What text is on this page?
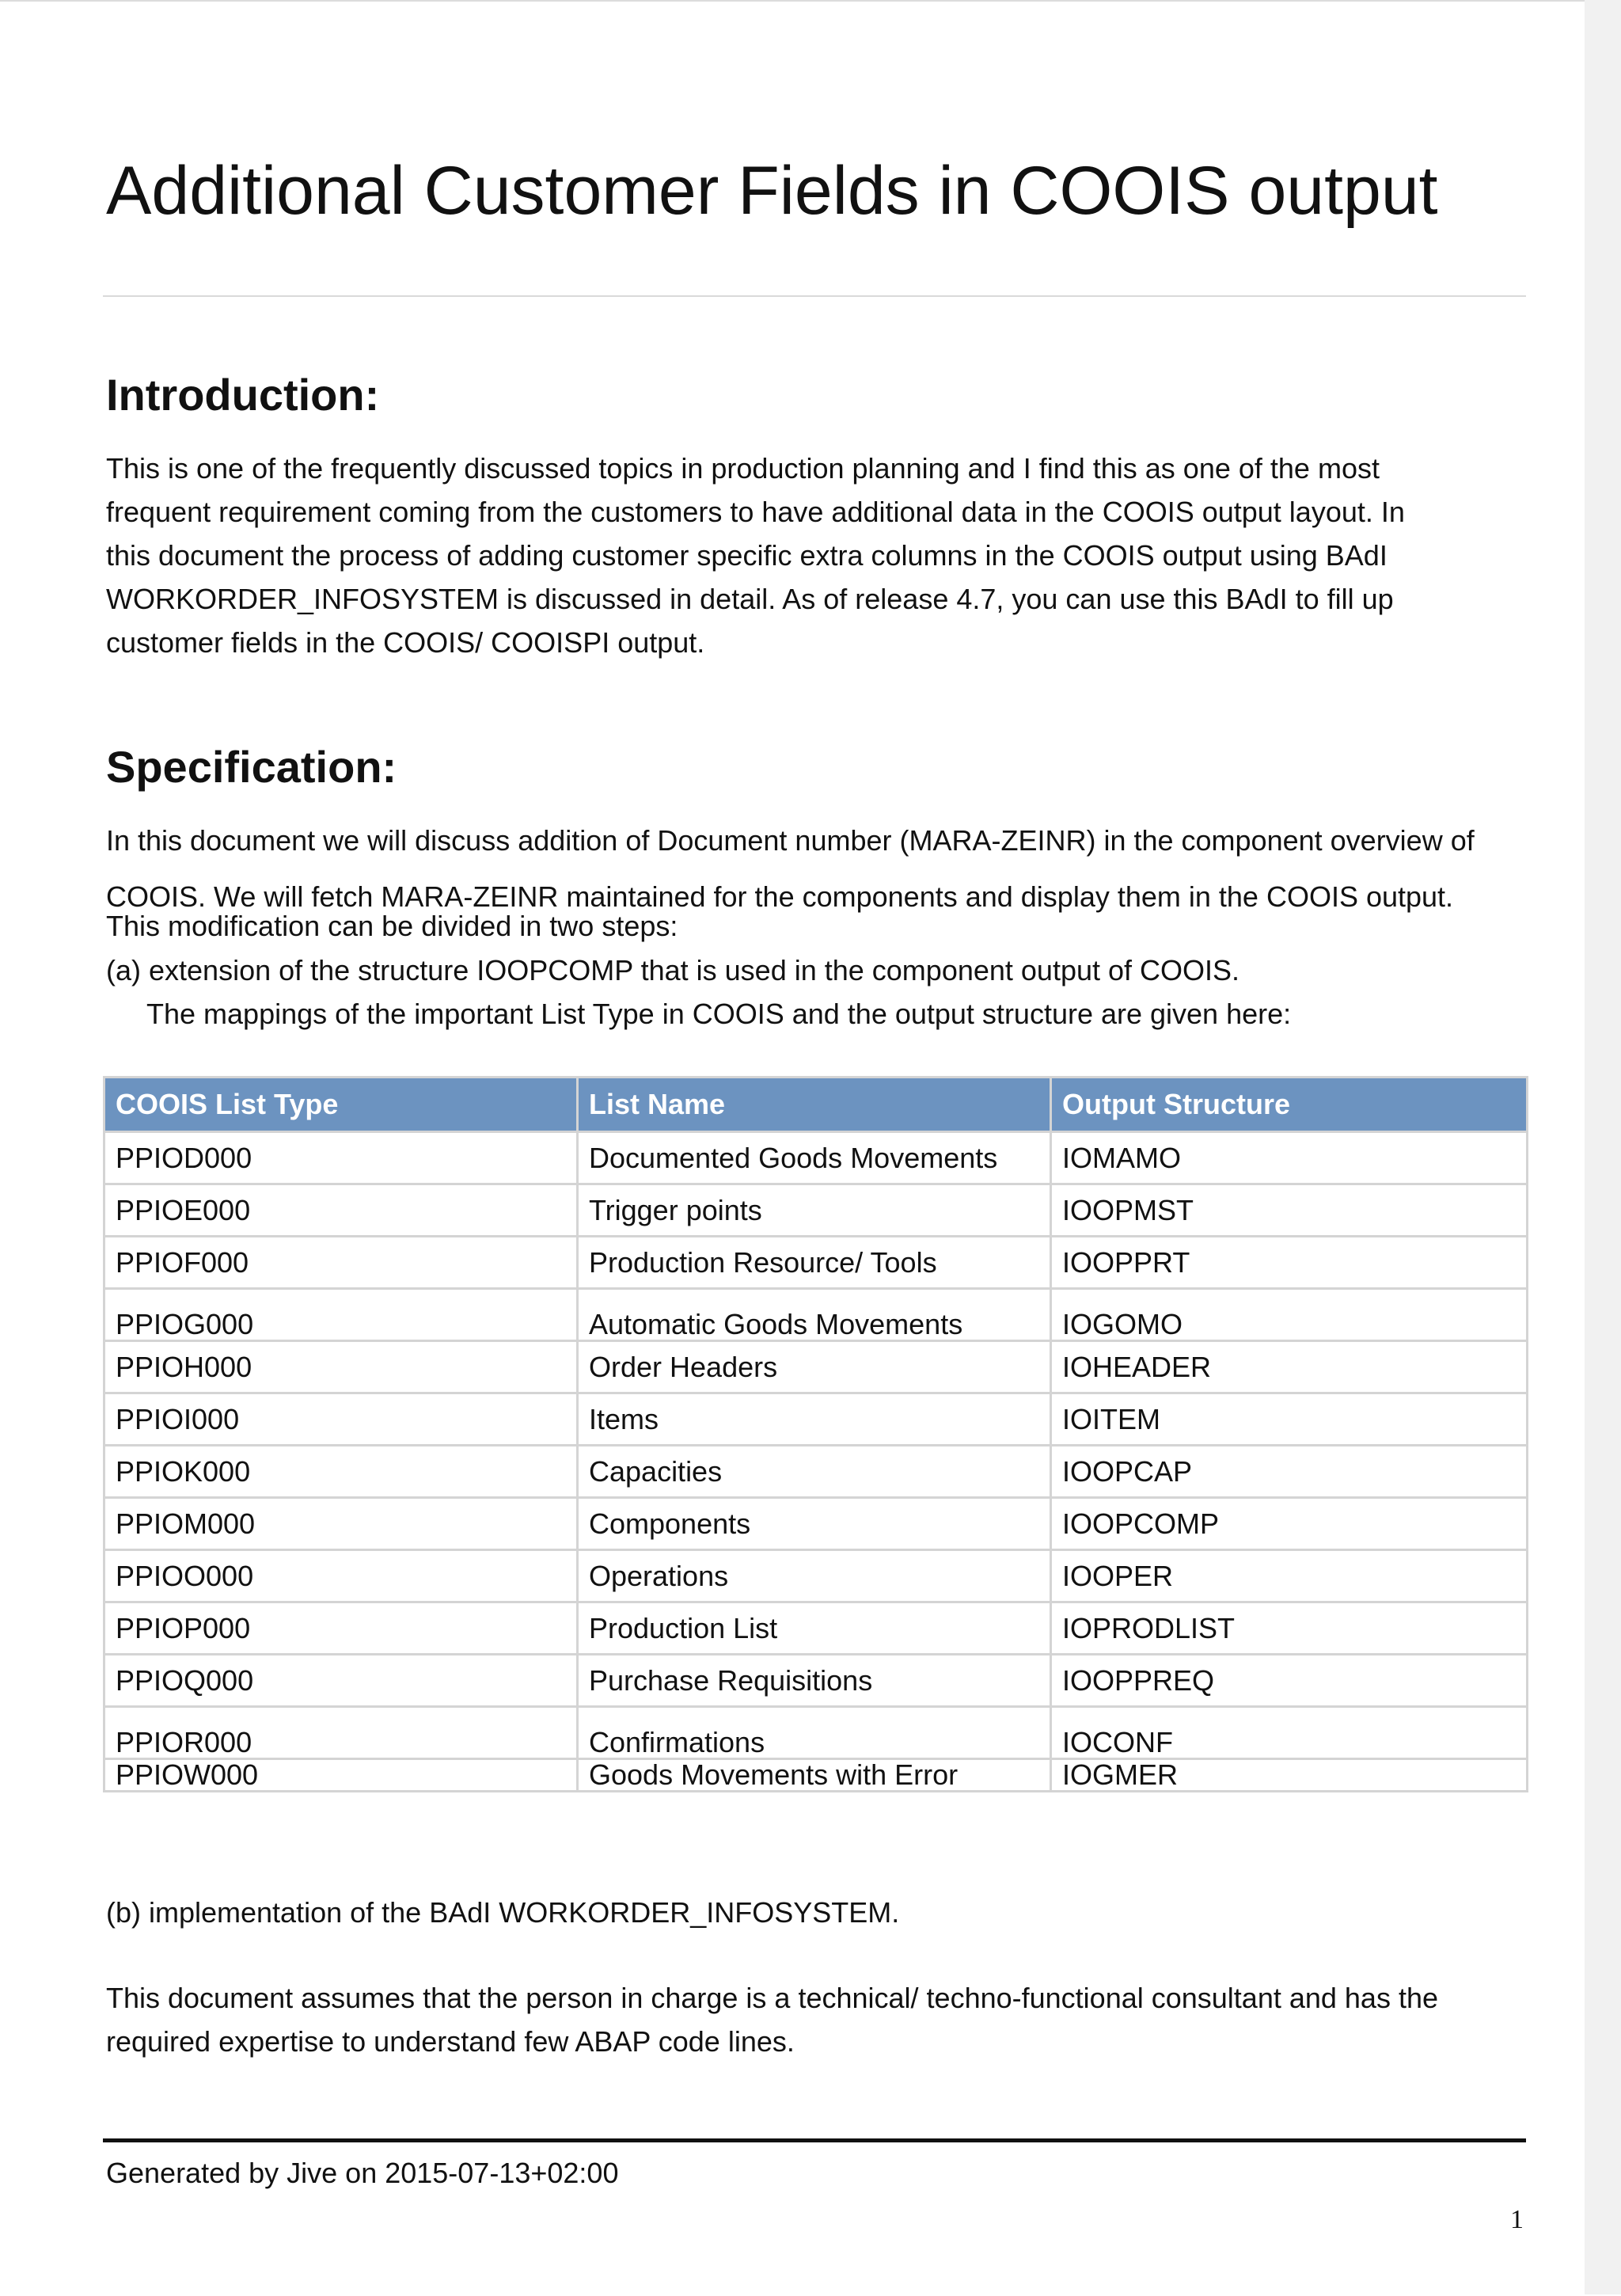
Additional Customer Fields in COOIS output
Introduction:
This is one of the frequently discussed topics in production planning and I find this as one of the most
frequent requirement coming from the customers to have additional data in the COOIS output layout. In
this document the process of adding customer specific extra columns in the COOIS output using BAdI
WORKORDER_INFOSYSTEM is discussed in detail. As of release 4.7, you can use this BAdI to fill up
customer fields in the COOIS/ COOISPI output.
Specification:

In this document we will discuss addition of Document number (MARA-ZEINR) in the component overview of

COOIS. We will fetch MARA-ZEINR maintained for the components and display them in the COOIS output.

This modification can be divided in two steps:

(a) extension of the structure IOOPCOMP that is used in the component output of COOIS.

The mappings of the important List Type in COOIS and the output structure are given here:

COOIS List Type	List Name	Output Structure
PPIOD000	Documented Goods Movements	IOMAMO
PPIOE000	Trigger points	IOOPMST
PPIOF000	Production Resource/ Tools	IOOPPRT
PPIOG000	Automatic Goods Movements	IOGOMO
PPIOH000	Order Headers	IOHEADER
PPIOI000	Items	IOITEM
PPIOK000	Capacities	IOOPCAP
PPIOM000	Components	IOOPCOMP
PPIOO000	Operations	IOOPER
PPIOP000	Production List	IOPRODLIST
PPIOQ000	Purchase Requisitions	IOOPPREQ
PPIOR000	Confirmations	IOCONF
PPIOW000	Goods Movements with Error	IOGMER

(b) implementation of the BAdI WORKORDER_INFOSYSTEM.

This document assumes that the person in charge is a technical/ techno-functional consultant and has the
required expertise to understand few ABAP code lines.

Generated by Jive on 2015-07-13+02:00

1
